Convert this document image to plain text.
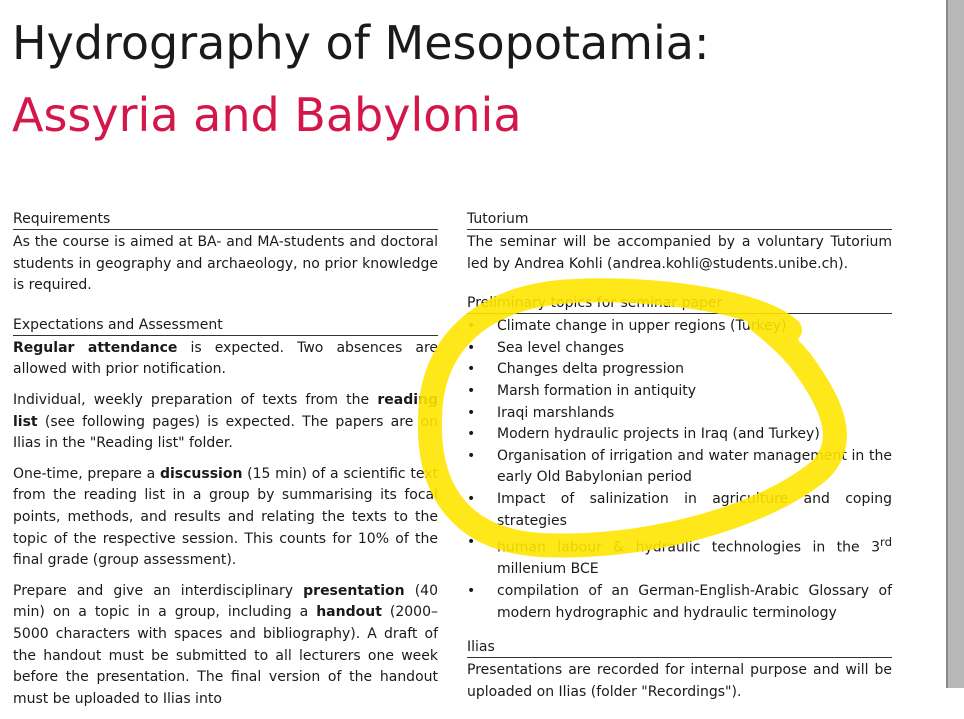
Hydrography of Mesopotamia:
Assyria and Babylonia
Requirements

As the course is aimed at BA- and MA-students and doctoral students in geography and archaeology, no prior knowledge is required.

Expectations and Assessment

Regular attendance is expected. Two absences are allowed with prior notification.

Individual, weekly preparation of texts from the reading list (see following pages) is expected. The papers are on Ilias in the "Reading list" folder.

One-time, prepare a discussion (15 min) of a scientific text from the reading list in a group by summarising its focal points, methods, and results and relating the texts to the topic of the respective session. This counts for 10% of the final grade (group assessment).

Prepare and give an interdisciplinary presentation (40 min) on a topic in a group, including a handout (2000–5000 characters with spaces and bibliography). A draft of the handout must be submitted to all lecturers one week before the presentation. The final version of the handout must be uploaded to Ilias into

Tutorium

The seminar will be accompanied by a voluntary Tutorium led by Andrea Kohli (andrea.kohli@students.unibe.ch).

Preliminary topics for seminar paper
• Climate change in upper regions (Turkey)
• Sea level changes
• Changes delta progression
• Marsh formation in antiquity
• Iraqi marshlands
• Modern hydraulic projects in Iraq (and Turkey)
• Organisation of irrigation and water management in the early Old Babylonian period
• Impact of salinization in agriculture and coping strategies
• human labour & hydraulic technologies in the 3rd millenium BCE
• compilation of an German-English-Arabic Glossary of modern hydrographic and hydraulic terminology
Ilias

Presentations are recorded for internal purpose and will be uploaded on Ilias (folder "Recordings").
